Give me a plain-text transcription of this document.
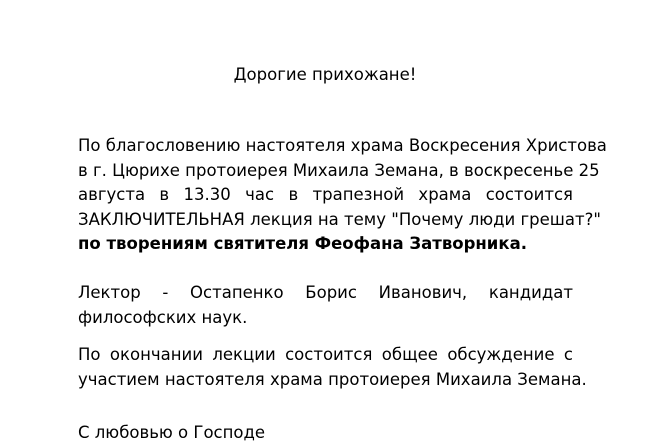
Дорогие прихожане!
По благословению настоятеля храма Воскресения Христова
в г. Цюрихе протоиерея Михаила Земана, в воскресенье 25
августа в 13.30 час в трапезной храма состоится
ЗАКЛЮЧИТЕЛЬНАЯ лекция на тему "Почему люди грешат?"
по творениям святителя Феофана Затворника.
Лектор - Остапенко Борис Иванович, кандидат
философских наук.
По окончании лекции состоится общее обсуждение с
участием настоятеля храма протоиерея Михаила Земана.
С любовью о Господе
